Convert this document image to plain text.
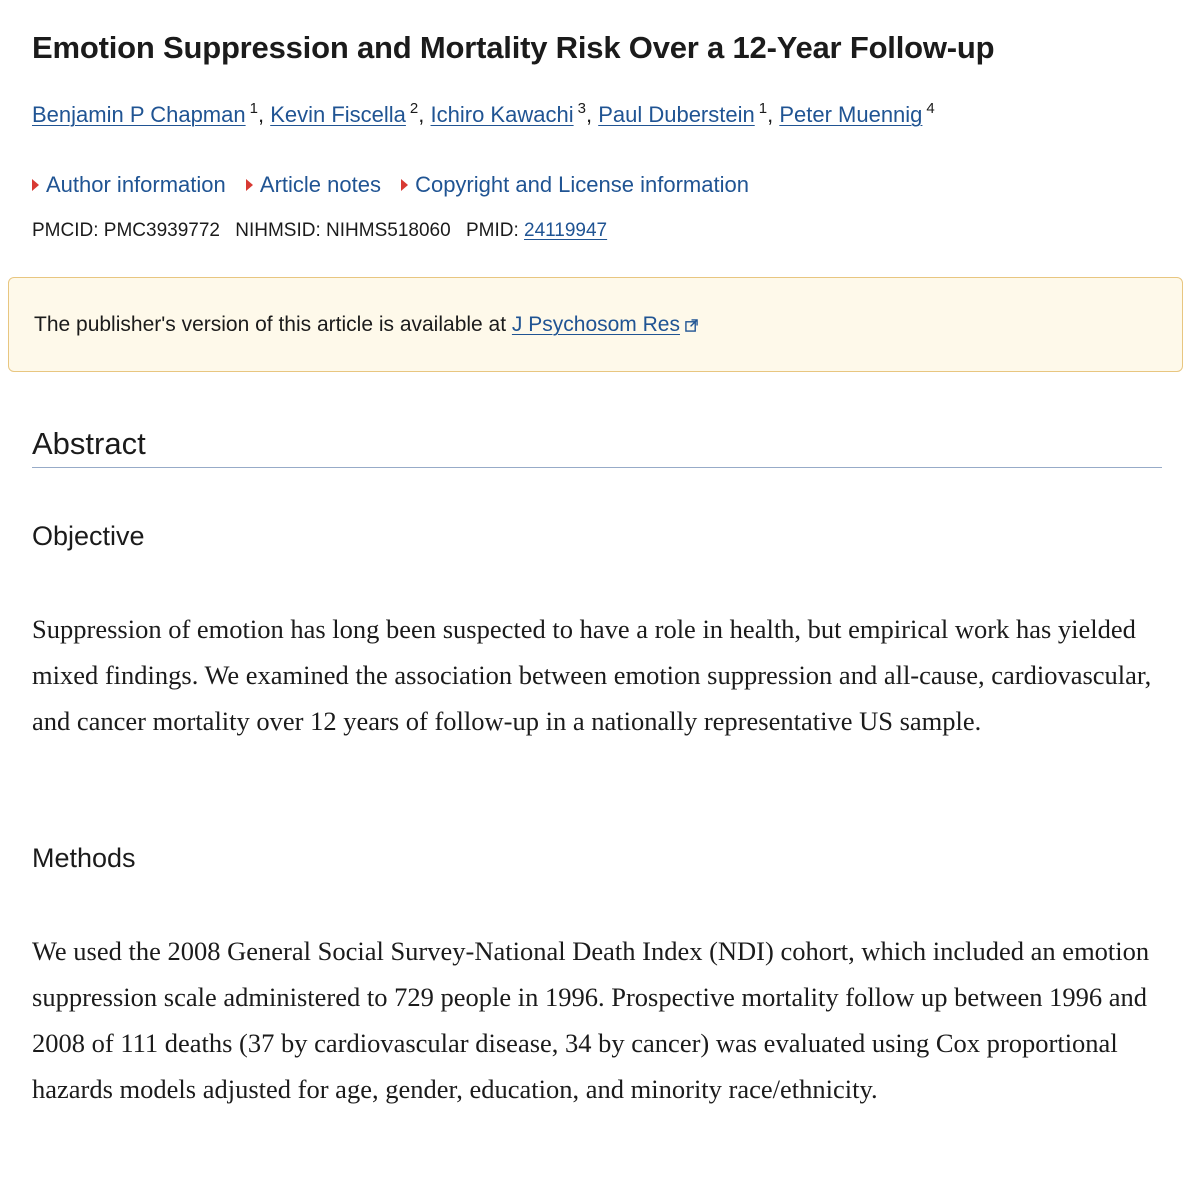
Emotion Suppression and Mortality Risk Over a 12-Year Follow-up
Benjamin P Chapman $^1$, Kevin Fiscella $^2$, Ichiro Kawachi $^3$, Paul Duberstein $^1$, Peter Muennig $^4$
Author information Article notes Copyright and License information
PMCID: PMC3939772 NIHMSID: NIHMS518060 PMID: 24119947
The publisher's version of this article is available at J Psychosom Res
Abstract
Objective

Suppression of emotion has long been suspected to have a role in health, but empirical work has yielded mixed findings. We examined the association between emotion suppression and all-cause, cardiovascular, and cancer mortality over 12 years of follow-up in a nationally representative US sample.

Methods

We used the 2008 General Social Survey-National Death Index (NDI) cohort, which included an emotion suppression scale administered to 729 people in 1996. Prospective mortality follow up between 1996 and 2008 of 111 deaths (37 by cardiovascular disease, 34 by cancer) was evaluated using Cox proportional hazards models adjusted for age, gender, education, and minority race/ethnicity.
